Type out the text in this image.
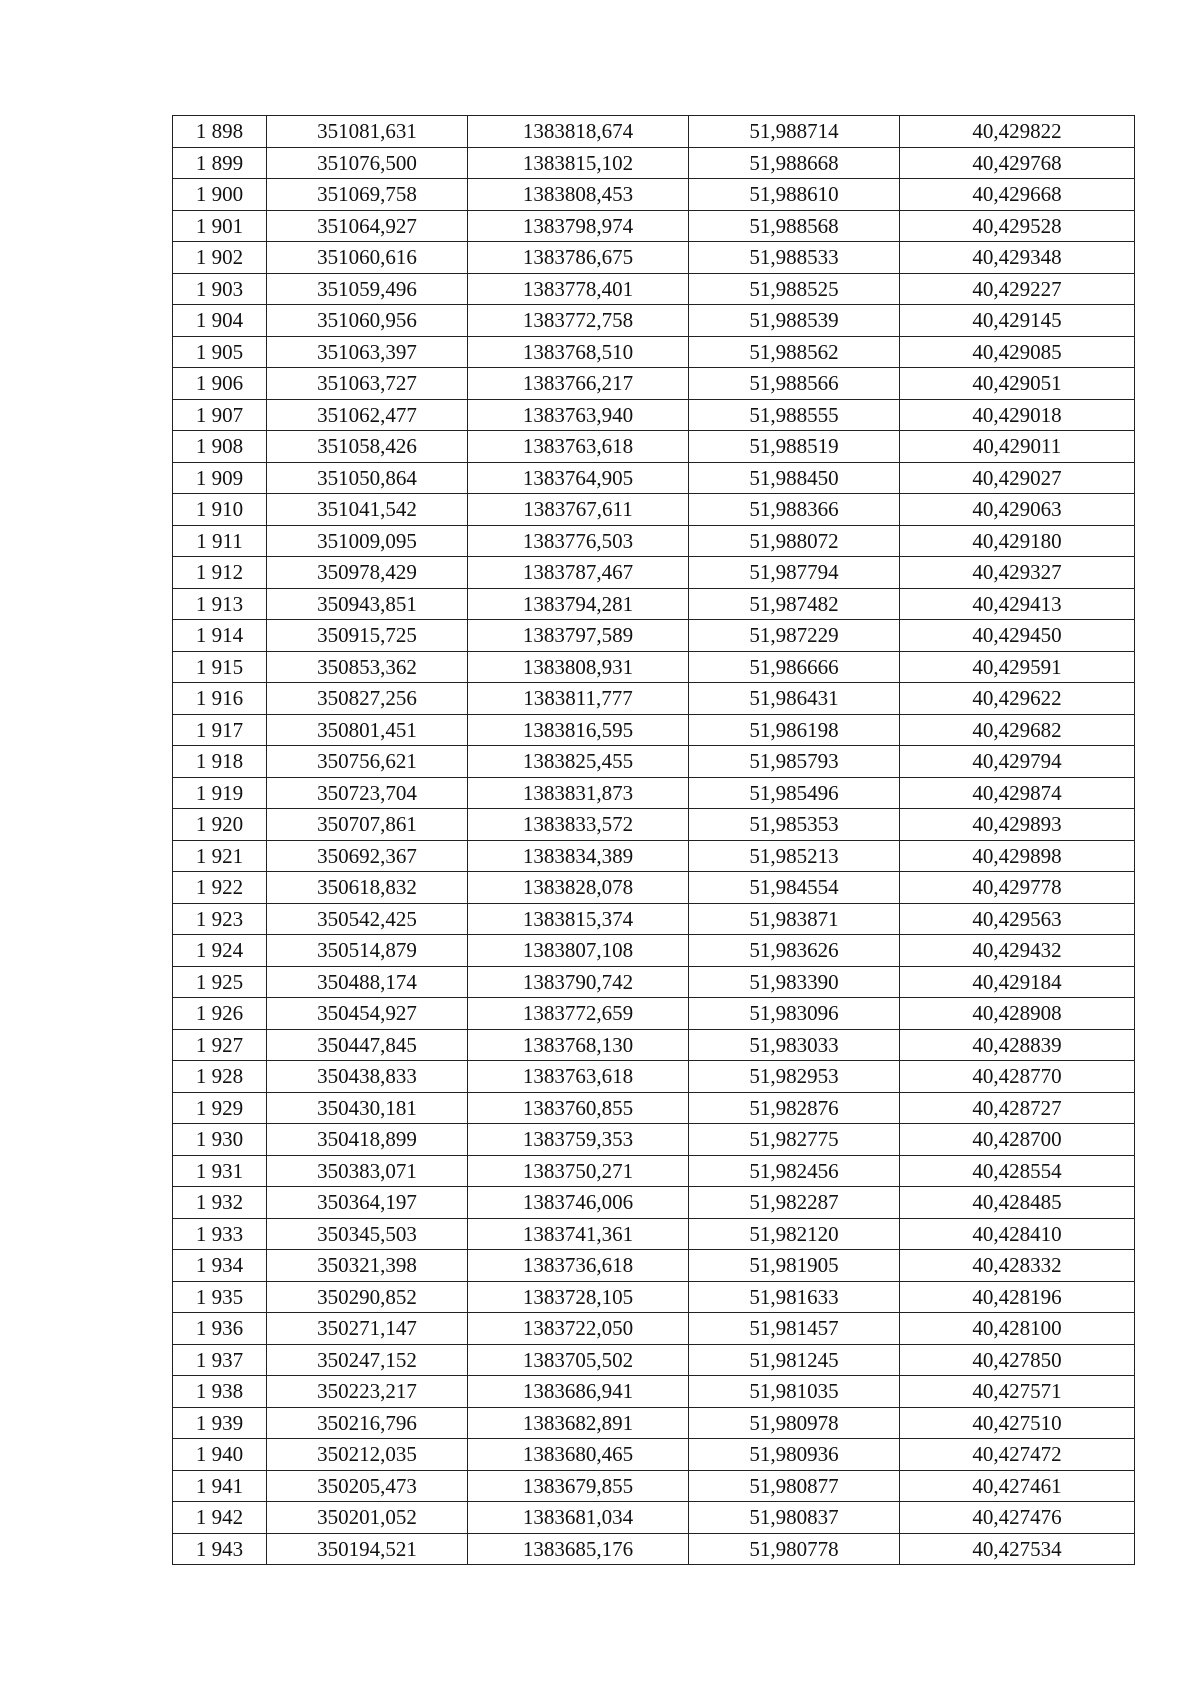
1 898	351081,631	1383818,674	51,988714	40,429822
1 899	351076,500	1383815,102	51,988668	40,429768
1 900	351069,758	1383808,453	51,988610	40,429668
1 901	351064,927	1383798,974	51,988568	40,429528
1 902	351060,616	1383786,675	51,988533	40,429348
1 903	351059,496	1383778,401	51,988525	40,429227
1 904	351060,956	1383772,758	51,988539	40,429145
1 905	351063,397	1383768,510	51,988562	40,429085
1 906	351063,727	1383766,217	51,988566	40,429051
1 907	351062,477	1383763,940	51,988555	40,429018
1 908	351058,426	1383763,618	51,988519	40,429011
1 909	351050,864	1383764,905	51,988450	40,429027
1 910	351041,542	1383767,611	51,988366	40,429063
1 911	351009,095	1383776,503	51,988072	40,429180
1 912	350978,429	1383787,467	51,987794	40,429327
1 913	350943,851	1383794,281	51,987482	40,429413
1 914	350915,725	1383797,589	51,987229	40,429450
1 915	350853,362	1383808,931	51,986666	40,429591
1 916	350827,256	1383811,777	51,986431	40,429622
1 917	350801,451	1383816,595	51,986198	40,429682
1 918	350756,621	1383825,455	51,985793	40,429794
1 919	350723,704	1383831,873	51,985496	40,429874
1 920	350707,861	1383833,572	51,985353	40,429893
1 921	350692,367	1383834,389	51,985213	40,429898
1 922	350618,832	1383828,078	51,984554	40,429778
1 923	350542,425	1383815,374	51,983871	40,429563
1 924	350514,879	1383807,108	51,983626	40,429432
1 925	350488,174	1383790,742	51,983390	40,429184
1 926	350454,927	1383772,659	51,983096	40,428908
1 927	350447,845	1383768,130	51,983033	40,428839
1 928	350438,833	1383763,618	51,982953	40,428770
1 929	350430,181	1383760,855	51,982876	40,428727
1 930	350418,899	1383759,353	51,982775	40,428700
1 931	350383,071	1383750,271	51,982456	40,428554
1 932	350364,197	1383746,006	51,982287	40,428485
1 933	350345,503	1383741,361	51,982120	40,428410
1 934	350321,398	1383736,618	51,981905	40,428332
1 935	350290,852	1383728,105	51,981633	40,428196
1 936	350271,147	1383722,050	51,981457	40,428100
1 937	350247,152	1383705,502	51,981245	40,427850
1 938	350223,217	1383686,941	51,981035	40,427571
1 939	350216,796	1383682,891	51,980978	40,427510
1 940	350212,035	1383680,465	51,980936	40,427472
1 941	350205,473	1383679,855	51,980877	40,427461
1 942	350201,052	1383681,034	51,980837	40,427476
1 943	350194,521	1383685,176	51,980778	40,427534
